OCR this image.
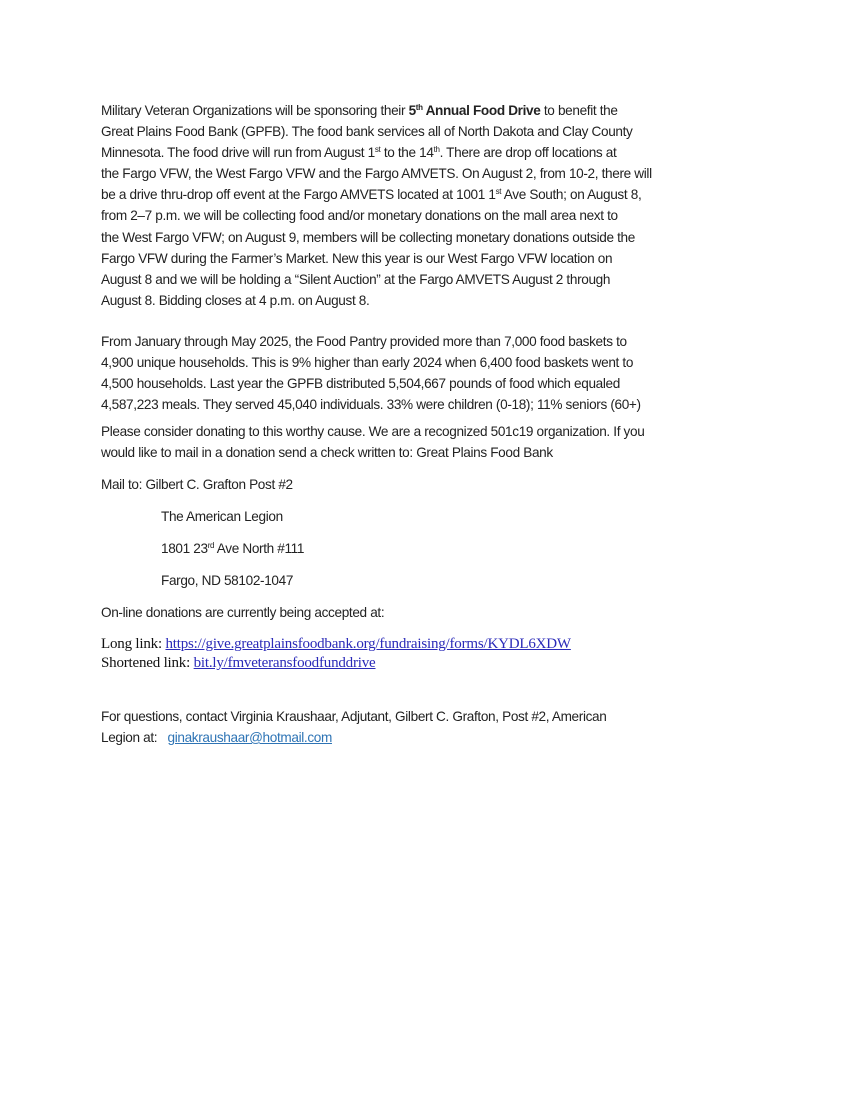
Military Veteran Organizations will be sponsoring their 5th Annual Food Drive to benefit the
Great Plains Food Bank (GPFB). The food bank services all of North Dakota and Clay County
Minnesota. The food drive will run from August 1st to the 14th. There are drop off locations at
the Fargo VFW, the West Fargo VFW and the Fargo AMVETS. On August 2, from 10-2, there will
be a drive thru-drop off event at the Fargo AMVETS located at 1001 1st Ave South; on August 8,
from 2–7 p.m. we will be collecting food and/or monetary donations on the mall area next to
the West Fargo VFW; on August 9, members will be collecting monetary donations outside the
Fargo VFW during the Farmer’s Market. New this year is our West Fargo VFW location on
August 8 and we will be holding a “Silent Auction” at the Fargo AMVETS August 2 through
August 8. Bidding closes at 4 p.m. on August 8.
From January through May 2025, the Food Pantry provided more than 7,000 food baskets to
4,900 unique households. This is 9% higher than early 2024 when 6,400 food baskets went to
4,500 households. Last year the GPFB distributed 5,504,667 pounds of food which equaled
4,587,223 meals. They served 45,040 individuals. 33% were children (0-18); 11% seniors (60+)
Please consider donating to this worthy cause. We are a recognized 501c19 organization. If you
would like to mail in a donation send a check written to: Great Plains Food Bank
Mail to: Gilbert C. Grafton Post #2
The American Legion
1801 23rd Ave North #111
Fargo, ND 58102-1047
On-line donations are currently being accepted at:
Long link: https://give.greatplainsfoodbank.org/fundraising/forms/KYDL6XDW
Shortened link: bit.ly/fmveteransfoodfunddrive
For questions, contact Virginia Kraushaar, Adjutant, Gilbert C. Grafton, Post #2, American
Legion at:   ginakraushaar@hotmail.com
